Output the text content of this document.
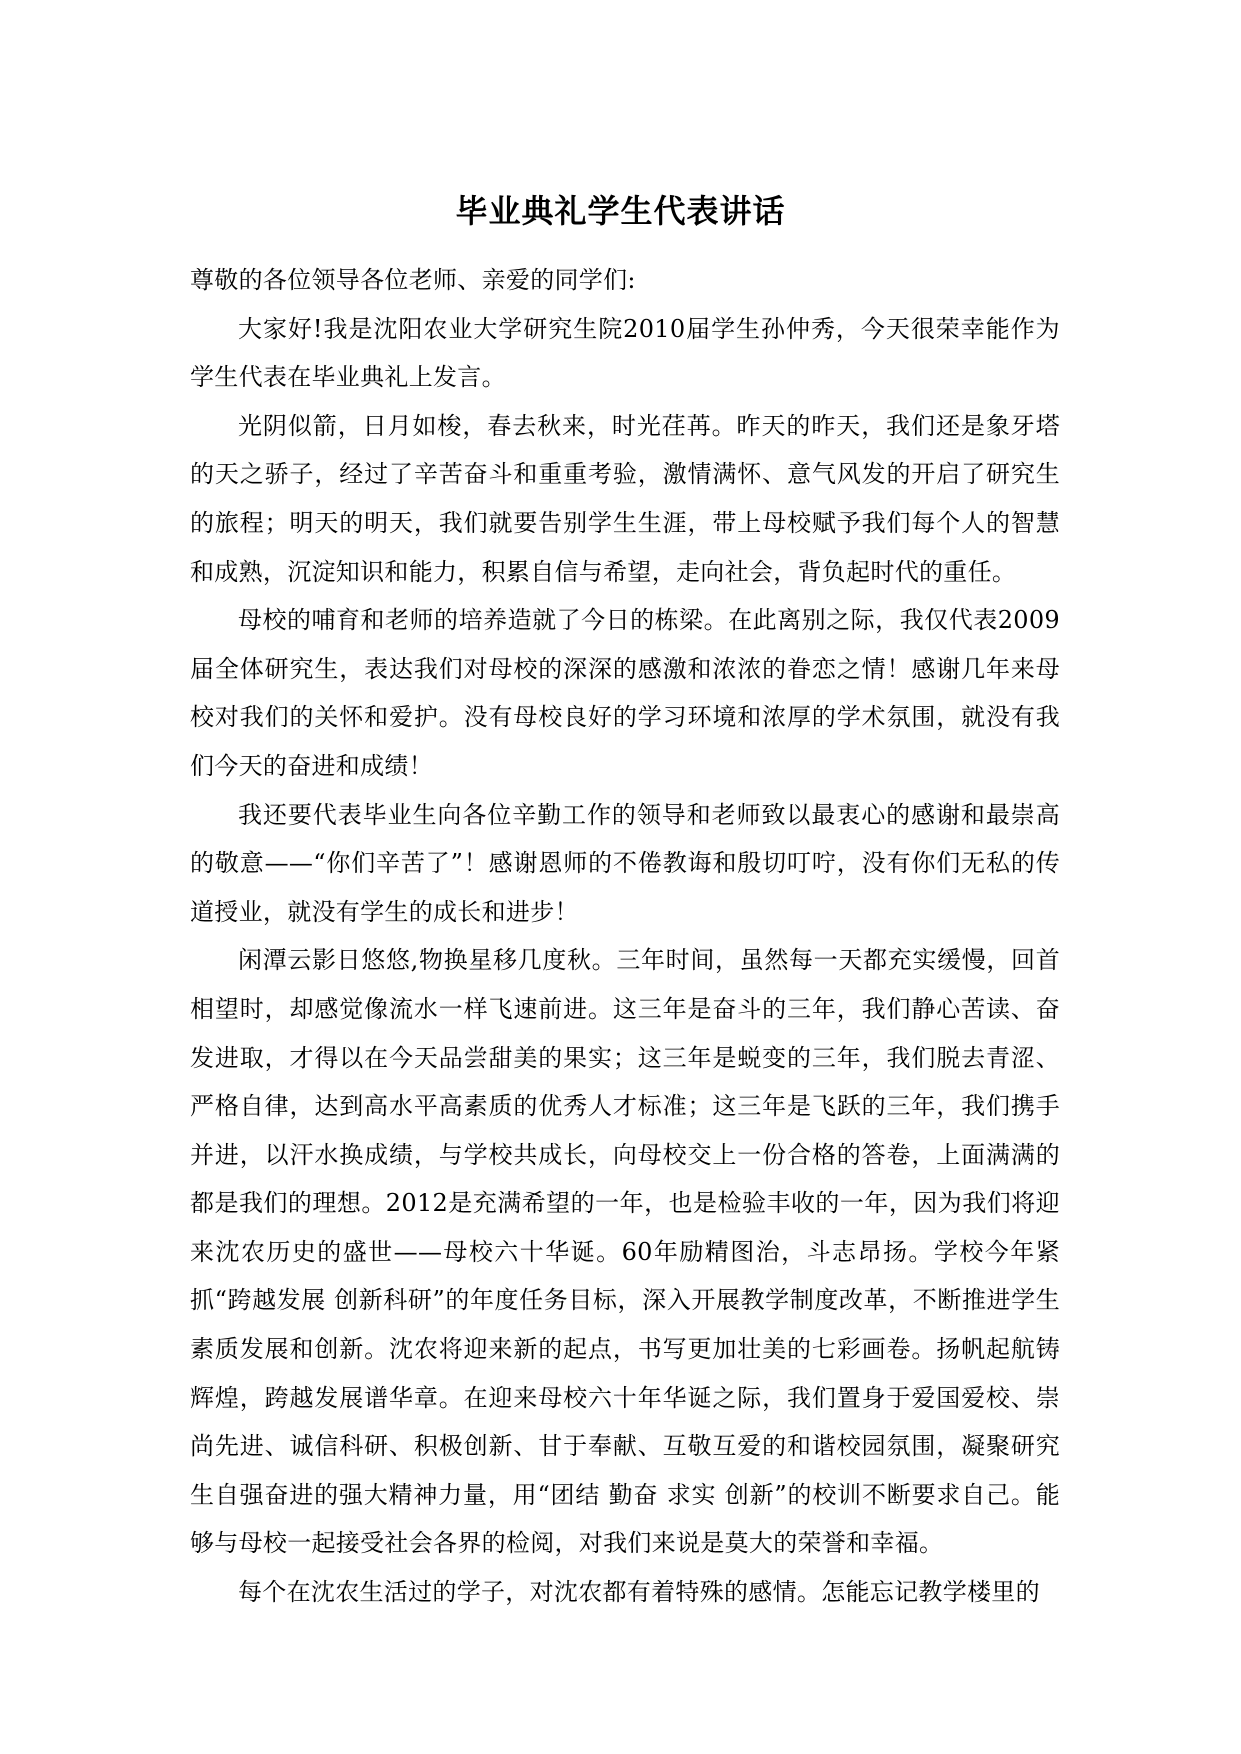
毕业典礼学生代表讲话

尊敬的各位领导各位老师、亲爱的同学们:

大家好!我是沈阳农业大学研究生院2010届学生孙仲秀，今天很荣幸能作为学生代表在毕业典礼上发言。

光阴似箭，日月如梭，春去秋来，时光荏苒。昨天的昨天，我们还是象牙塔的天之骄子，经过了辛苦奋斗和重重考验，激情满怀、意气风发的开启了研究生的旅程；明天的明天，我们就要告别学生生涯，带上母校赋予我们每个人的智慧和成熟，沉淀知识和能力，积累自信与希望，走向社会，背负起时代的重任。

母校的哺育和老师的培养造就了今日的栋梁。在此离别之际，我仅代表2009届全体研究生，表达我们对母校的深深的感激和浓浓的眷恋之情！感谢几年来母校对我们的关怀和爱护。没有母校良好的学习环境和浓厚的学术氛围，就没有我们今天的奋进和成绩！

我还要代表毕业生向各位辛勤工作的领导和老师致以最衷心的感谢和最崇高的敬意——“你们辛苦了”！感谢恩师的不倦教诲和殷切叮咛，没有你们无私的传道授业，就没有学生的成长和进步！

闲潭云影日悠悠,物换星移几度秋。三年时间，虽然每一天都充实缓慢，回首相望时，却感觉像流水一样飞速前进。这三年是奋斗的三年，我们静心苦读、奋发进取，才得以在今天品尝甜美的果实；这三年是蜕变的三年，我们脱去青涩、严格自律，达到高水平高素质的优秀人才标准；这三年是飞跃的三年，我们携手并进，以汗水换成绩，与学校共成长，向母校交上一份合格的答卷，上面满满的都是我们的理想。2012是充满希望的一年，也是检验丰收的一年，因为我们将迎来沈农历史的盛世——母校六十华诞。60年励精图治，斗志昂扬。学校今年紧抓“跨越发展 创新科研”的年度任务目标，深入开展教学制度改革，不断推进学生素质发展和创新。沈农将迎来新的起点，书写更加壮美的七彩画卷。扬帆起航铸辉煌，跨越发展谱华章。在迎来母校六十年华诞之际，我们置身于爱国爱校、崇尚先进、诚信科研、积极创新、甘于奉献、互敬互爱的和谐校园氛围，凝聚研究生自强奋进的强大精神力量，用“团结 勤奋 求实 创新”的校训不断要求自己。能够与母校一起接受社会各界的检阅，对我们来说是莫大的荣誉和幸福。

每个在沈农生活过的学子，对沈农都有着特殊的感情。怎能忘记教学楼里的
